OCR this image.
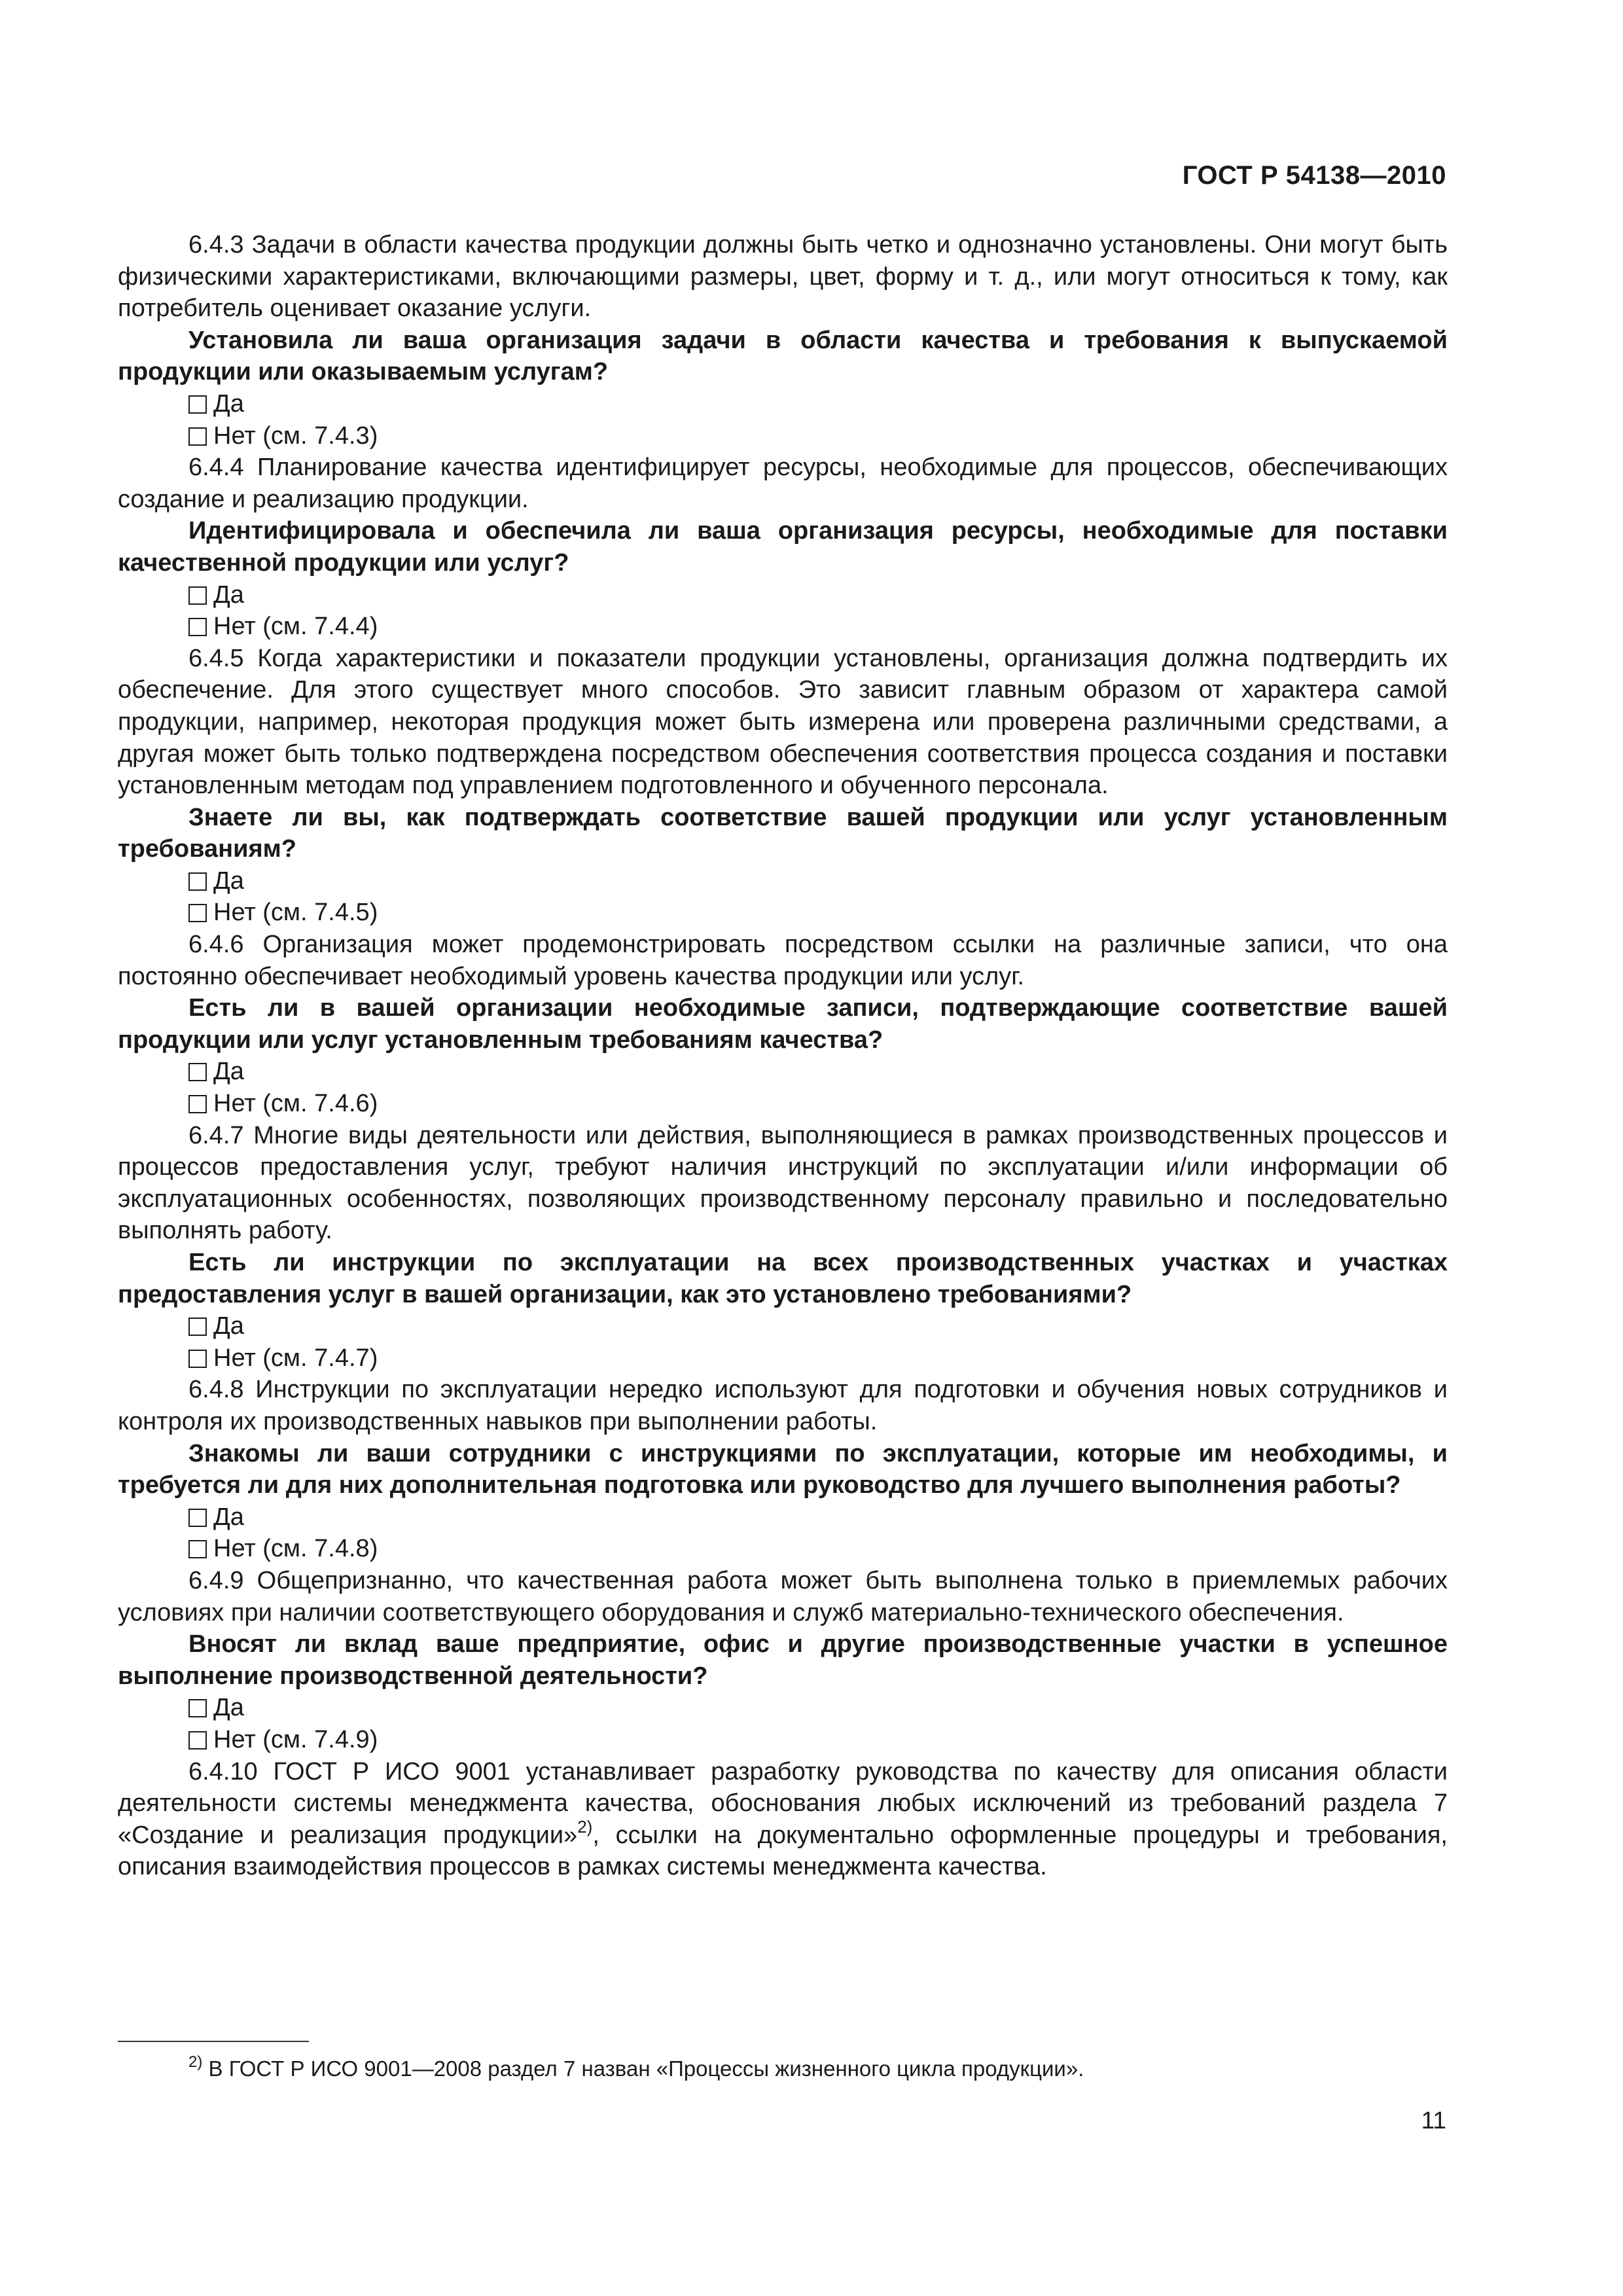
ГОСТ Р 54138—2010

6.4.3 Задачи в области качества продукции должны быть четко и однозначно установлены. Они могут быть физическими характеристиками, включающими размеры, цвет, форму и т. д., или могут относиться к тому, как потребитель оценивает оказание услуги.

Установила ли ваша организация задачи в области качества и требования к выпускаемой продукции или оказываемым услугам?

Да

Нет (см. 7.4.3)

6.4.4 Планирование качества идентифицирует ресурсы, необходимые для процессов, обеспечивающих создание и реализацию продукции.

Идентифицировала и обеспечила ли ваша организация ресурсы, необходимые для поставки качественной продукции или услуг?

Да

Нет (см. 7.4.4)

6.4.5 Когда характеристики и показатели продукции установлены, организация должна подтвердить их обеспечение. Для этого существует много способов. Это зависит главным образом от характера самой продукции, например, некоторая продукция может быть измерена или проверена различными средствами, а другая может быть только подтверждена посредством обеспечения соответствия процесса создания и поставки установленным методам под управлением подготовленного и обученного персонала.

Знаете ли вы, как подтверждать соответствие вашей продукции или услуг установленным требованиям?

Да

Нет (см. 7.4.5)

6.4.6 Организация может продемонстрировать посредством ссылки на различные записи, что она постоянно обеспечивает необходимый уровень качества продукции или услуг.

Есть ли в вашей организации необходимые записи, подтверждающие соответствие вашей продукции или услуг установленным требованиям качества?

Да

Нет (см. 7.4.6)

6.4.7 Многие виды деятельности или действия, выполняющиеся в рамках производственных процессов и процессов предоставления услуг, требуют наличия инструкций по эксплуатации и/или информации об эксплуатационных особенностях, позволяющих производственному персоналу правильно и последовательно выполнять работу.

Есть ли инструкции по эксплуатации на всех производственных участках и участках предоставления услуг в вашей организации, как это установлено требованиями?

Да

Нет (см. 7.4.7)

6.4.8 Инструкции по эксплуатации нередко используют для подготовки и обучения новых сотрудников и контроля их производственных навыков при выполнении работы.

Знакомы ли ваши сотрудники с инструкциями по эксплуатации, которые им необходимы, и требуется ли для них дополнительная подготовка или руководство для лучшего выполнения работы?

Да

Нет (см. 7.4.8)

6.4.9 Общепризнанно, что качественная работа может быть выполнена только в приемлемых рабочих условиях при наличии соответствующего оборудования и служб материально-технического обеспечения.

Вносят ли вклад ваше предприятие, офис и другие производственные участки в успешное выполнение производственной деятельности?

Да

Нет (см. 7.4.9)

6.4.10 ГОСТ Р ИСО 9001 устанавливает разработку руководства по качеству для описания области деятельности системы менеджмента качества, обоснования любых исключений из требований раздела 7 «Создание и реализация продукции»$^{2)}$, ссылки на документально оформленные процедуры и требования, описания взаимодействия процессов в рамках системы менеджмента качества.

$^{2)}$ В ГОСТ Р ИСО 9001—2008 раздел 7 назван «Процессы жизненного цикла продукции».
11
